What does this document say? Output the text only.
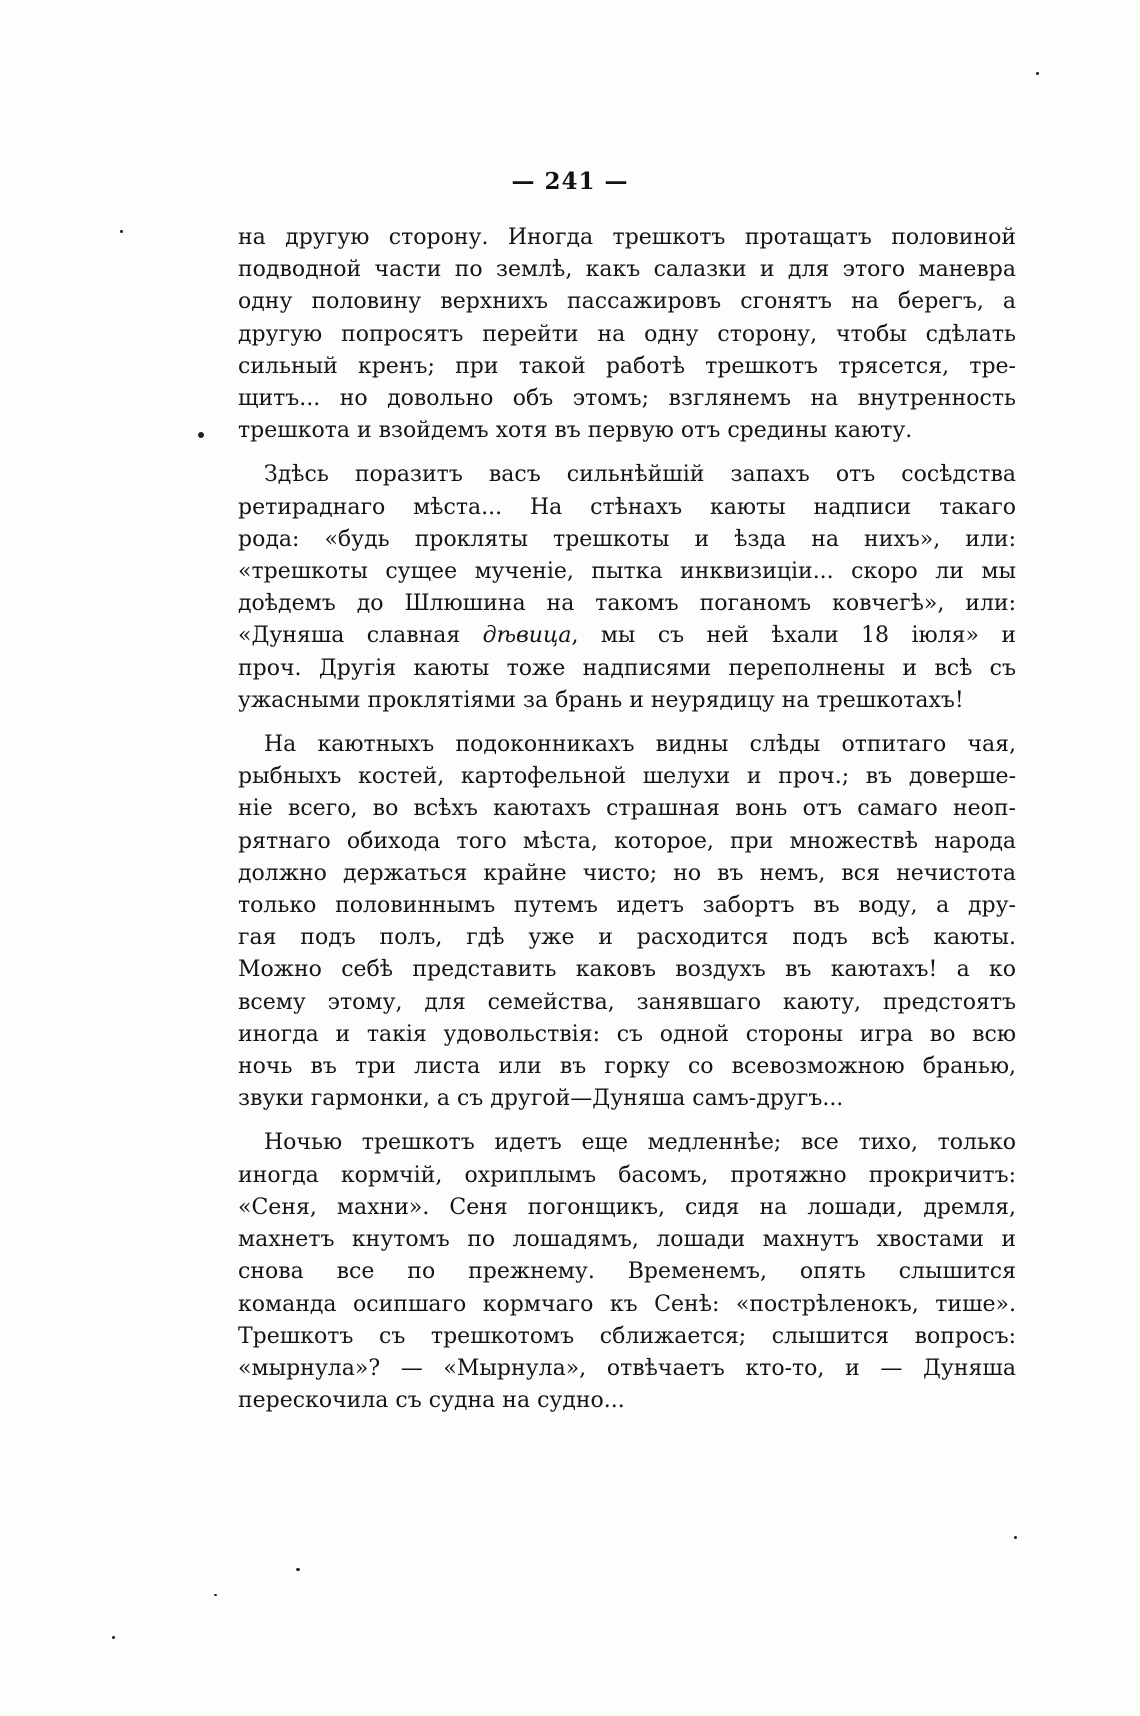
— 241 —
на другую сторону. Иногда трешкотъ протащатъ половиной
подводной части по землѣ, какъ салазки и для этого маневра
одну половину верхнихъ пассажировъ сгонятъ на берегъ, а
другую попросятъ перейти на одну сторону, чтобы сдѣлать
сильный кренъ; при такой работѣ трешкотъ трясется, тре-
щитъ... но довольно объ этомъ; взглянемъ на внутренность
трешкота и взойдемъ хотя въ первую отъ средины каюту.
Здѣсь поразитъ васъ сильнѣйшій запахъ отъ сосѣдства
ретираднаго мѣста... На стѣнахъ каюты надписи такаго
рода: «будь прокляты трешкоты и ѣзда на нихъ», или:
«трешкоты сущее мученіе, пытка инквизиціи... скоро ли мы
доѣдемъ до Шлюшина на такомъ поганомъ ковчегѣ», или:
«Дуняша славная дѣвица, мы съ ней ѣхали 18 іюля» и
проч. Другія каюты тоже надписями переполнены и всѣ съ
ужасными проклятіями за брань и неурядицу на трешкотахъ!
На каютныхъ подоконникахъ видны слѣды отпитаго чая,
рыбныхъ костей, картофельной шелухи и проч.; въ доверше-
ніе всего, во всѣхъ каютахъ страшная вонь отъ самаго неоп-
рятнаго обихода того мѣста, которое, при множествѣ народа
должно держаться крайне чисто; но въ немъ, вся нечистота
только половиннымъ путемъ идетъ забортъ въ воду, а дру-
гая подъ полъ, гдѣ уже и расходится подъ всѣ каюты.
Можно себѣ представить каковъ воздухъ въ каютахъ! а ко
всему этому, для семейства, занявшаго каюту, предстоятъ
иногда и такія удовольствія: съ одной стороны игра во всю
ночь въ три листа или въ горку со всевозможною бранью,
звуки гармонки, а съ другой—Дуняша самъ-другъ...
Ночью трешкотъ идетъ еще медленнѣе; все тихо, только
иногда кормчій, охриплымъ басомъ, протяжно прокричитъ:
«Сеня, махни». Сеня погонщикъ, сидя на лошади, дремля,
махнетъ кнутомъ по лошадямъ, лошади махнутъ хвостами и
снова все по прежнему. Временемъ, опять слышится
команда осипшаго кормчаго къ Сенѣ: «пострѣленокъ, тише».
Трешкотъ съ трешкотомъ сближается; слышится вопросъ:
«мырнула»? — «Мырнула», отвѣчаетъ кто-то, и — Дуняша
перескочила съ судна на судно...
